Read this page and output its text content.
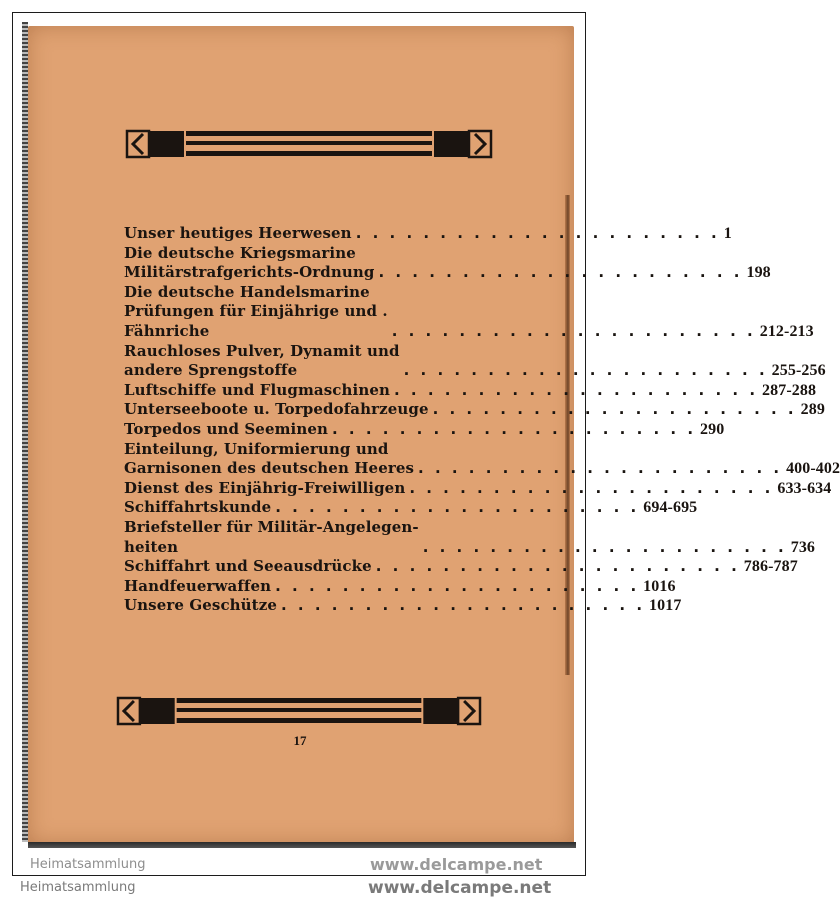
Unser heutiges Heerwesen . . . . . . . . . . . . . . . . . . . . . . 1
Die deutsche Kriegsmarine
Militärstrafgerichts-Ordnung . . . . . . . . . . . . . . . . . . . . . . 198
Die deutsche Handelsmarine
Prüfungen für Einjährige und .
Fähnriche	. . . . . . . . . . . . . . . . . . . . . . 212-213
Rauchloses Pulver, Dynamit und
andere Sprengstoffe	. . . . . . . . . . . . . . . . . . . . . . 255-256
Luftschiffe und Flugmaschinen . . . . . . . . . . . . . . . . . . . . . . 287-288
Unterseeboote u. Torpedofahrzeuge . . . . . . . . . . . . . . . . . . . . . . 289
Torpedos und Seeminen . . . . . . . . . . . . . . . . . . . . . . 290
Einteilung, Uniformierung und
Garnisonen des deutschen Heeres . . . . . . . . . . . . . . . . . . . . . . 400-402
Dienst des Einjährig-Freiwilligen . . . . . . . . . . . . . . . . . . . . . . 633-634
Schiffahrtskunde . . . . . . . . . . . . . . . . . . . . . . 694-695
Briefsteller für Militär-Angelegen-
heiten	. . . . . . . . . . . . . . . . . . . . . . 736
Schiffahrt und Seeausdrücke . . . . . . . . . . . . . . . . . . . . . . 786-787
Handfeuerwaffen . . . . . . . . . . . . . . . . . . . . . . 1016
Unsere Geschütze . . . . . . . . . . . . . . . . . . . . . . 1017
17
Heimatsammlung	www.delcampe.net
Heimatsammlung	www.delcampe.net
